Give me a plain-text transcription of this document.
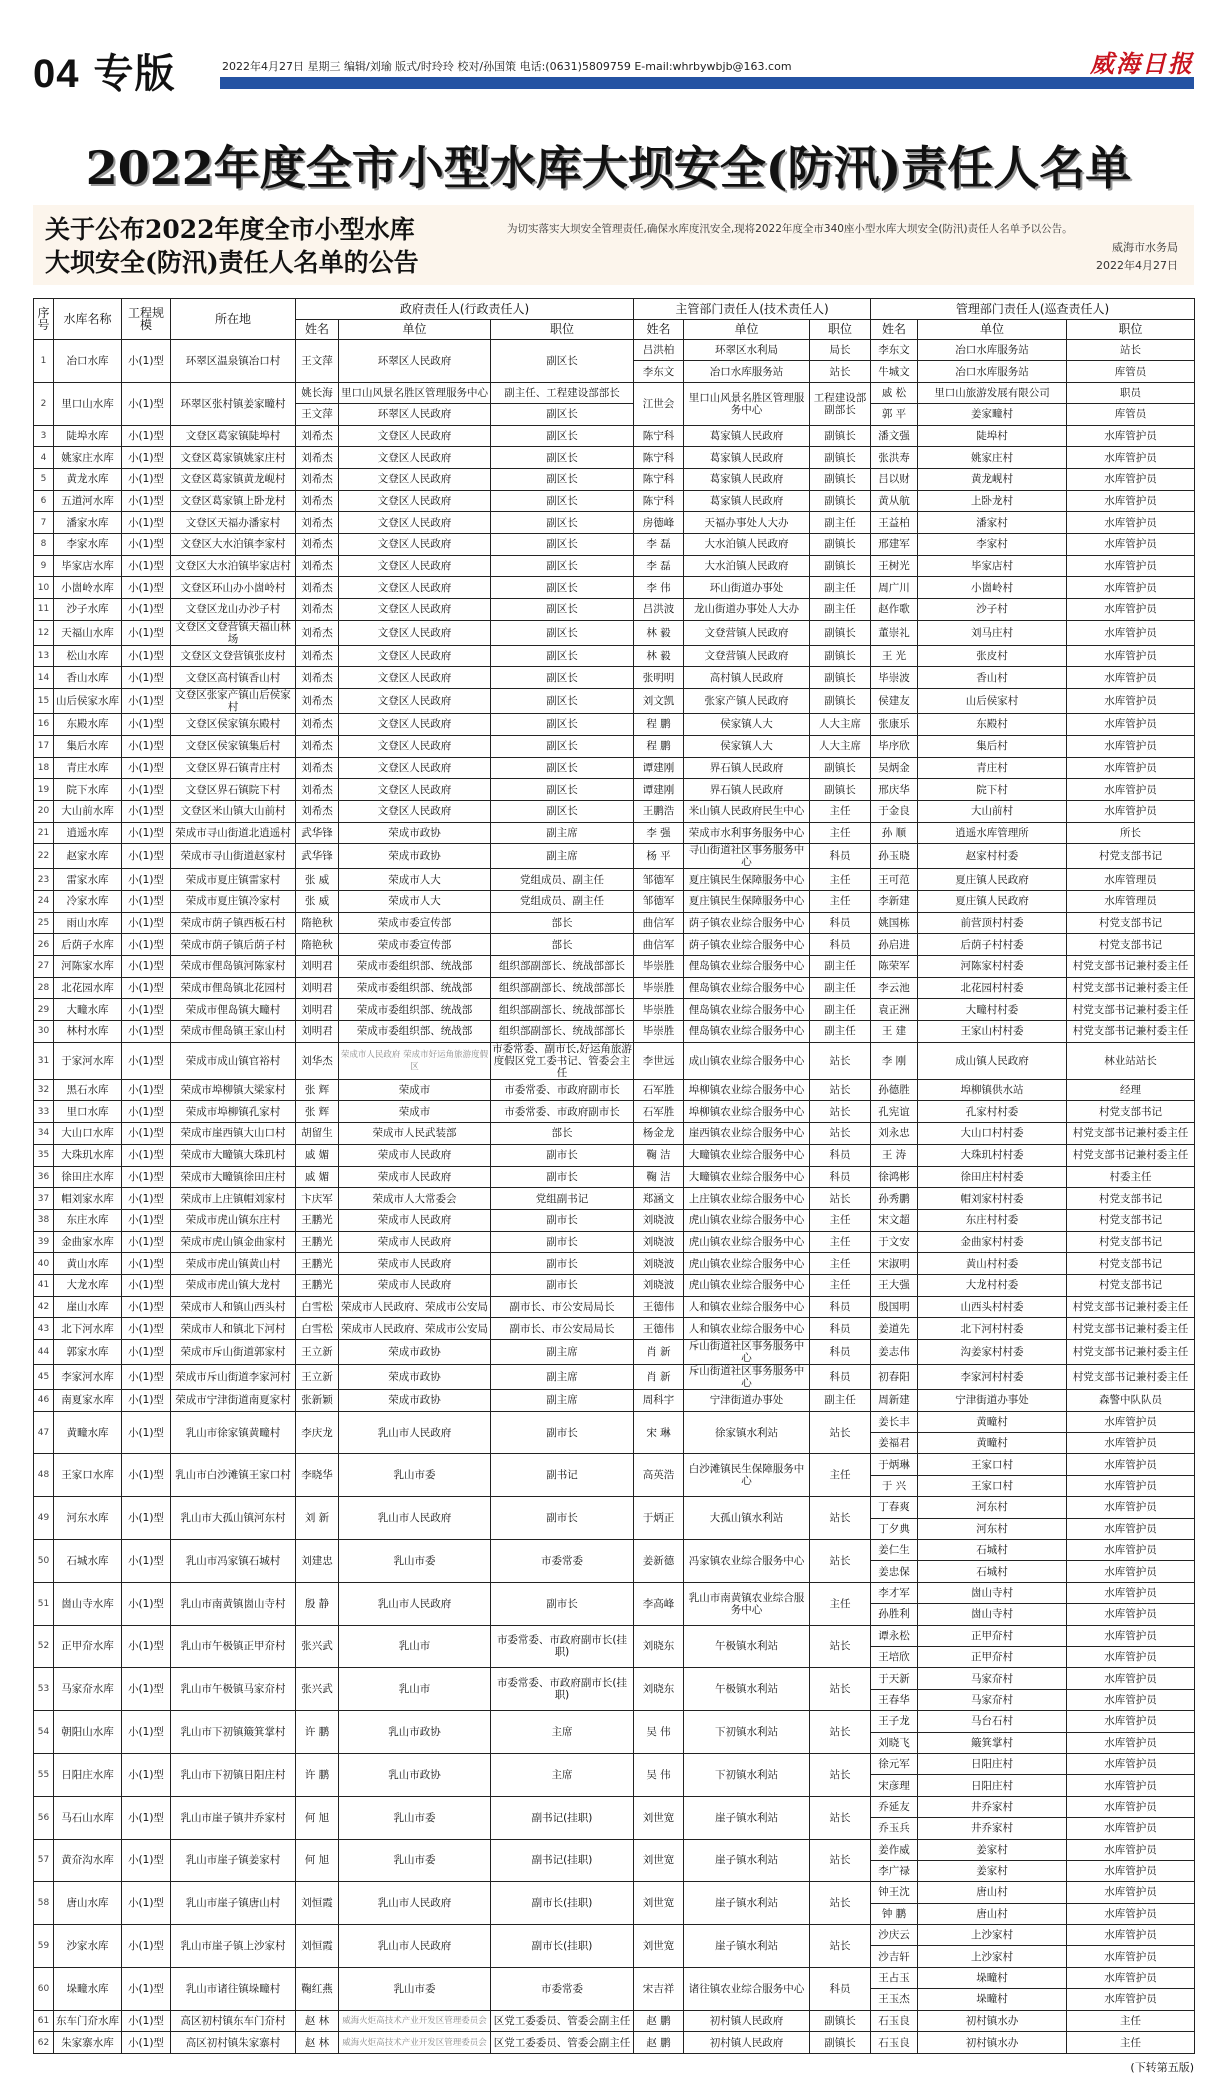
04 专版	2022年4月27日 星期三 编辑/刘瑜 版式/时玲玲 校对/孙国策 电话:(0631)5809759 E-mail:whrbywbjb@163.com	威海日报
2022年度全市小型水库大坝安全(防汛)责任人名单
关于公布2022年度全市小型水库
大坝安全(防汛)责任人名单的公告
为切实落实大坝安全管理责任,确保水库度汛安全,现将2022年度全市340座小型水库大坝安全(防汛)责任人名单予以公告。
威海市水务局
2022年4月27日
序号	水库名称	工程规模	所在地	政府责任人(行政责任人)			主管部门责任人(技术责任人)			管理部门责任人(巡查责任人)		
				姓名	单位	职位	姓名	单位	职位	姓名	单位	职位
1	冶口水库	小(1)型	环翠区温泉镇冶口村	王文萍	环翠区人民政府	副区长	吕洪柏	环翠区水利局	局长	李东文	冶口水库服务站	站长
							李东文	冶口水库服务站	站长	牛城文	冶口水库服务站	库管员
2	里口山水库	小(1)型	环翠区张村镇姜家疃村	姚长海	里口山风景名胜区管理服务中心	副主任、工程建设部部长	江世会	里口山风景名胜区管理服务中心	工程建设部副部长	戚 松	里口山旅游发展有限公司	职员
				王文萍	环翠区人民政府	副区长				郭 平	姜家疃村	库管员
3	陡埠水库	小(1)型	文登区葛家镇陡埠村	刘希杰	文登区人民政府	副区长	陈宁科	葛家镇人民政府	副镇长	潘文强	陡埠村	水库管护员
4	姚家庄水库	小(1)型	文登区葛家镇姚家庄村	刘希杰	文登区人民政府	副区长	陈宁科	葛家镇人民政府	副镇长	张洪寿	姚家庄村	水库管护员
5	黄龙水库	小(1)型	文登区葛家镇黄龙岘村	刘希杰	文登区人民政府	副区长	陈宁科	葛家镇人民政府	副镇长	吕以财	黄龙岘村	水库管护员
6	五道河水库	小(1)型	文登区葛家镇上卧龙村	刘希杰	文登区人民政府	副区长	陈宁科	葛家镇人民政府	副镇长	黄从航	上卧龙村	水库管护员
7	潘家水库	小(1)型	文登区天福办潘家村	刘希杰	文登区人民政府	副区长	房德峰	天福办事处人大办	副主任	王益柏	潘家村	水库管护员
8	李家水库	小(1)型	文登区大水泊镇李家村	刘希杰	文登区人民政府	副区长	李 磊	大水泊镇人民政府	副镇长	邢建军	李家村	水库管护员
9	毕家店水库	小(1)型	文登区大水泊镇毕家店村	刘希杰	文登区人民政府	副区长	李 磊	大水泊镇人民政府	副镇长	王树光	毕家店村	水库管护员
10	小崮岭水库	小(1)型	文登区环山办小崮岭村	刘希杰	文登区人民政府	副区长	李 伟	环山街道办事处	副主任	周广川	小崮岭村	水库管护员
11	沙子水库	小(1)型	文登区龙山办沙子村	刘希杰	文登区人民政府	副区长	吕洪波	龙山街道办事处人大办	副主任	赵作歌	沙子村	水库管护员
12	天福山水库	小(1)型	文登区文登营镇天福山林场	刘希杰	文登区人民政府	副区长	林 毅	文登营镇人民政府	副镇长	董崇礼	刘马庄村	水库管护员
13	松山水库	小(1)型	文登区文登营镇张皮村	刘希杰	文登区人民政府	副区长	林 毅	文登营镇人民政府	副镇长	王 光	张皮村	水库管护员
14	香山水库	小(1)型	文登区高村镇香山村	刘希杰	文登区人民政府	副区长	张明明	高村镇人民政府	副镇长	毕崇波	香山村	水库管护员
15	山后侯家水库	小(1)型	文登区张家产镇山后侯家村	刘希杰	文登区人民政府	副区长	刘文凯	张家产镇人民政府	副镇长	侯建友	山后侯家村	水库管护员
16	东殿水库	小(1)型	文登区侯家镇东殿村	刘希杰	文登区人民政府	副区长	程 鹏	侯家镇人大	人大主席	张康乐	东殿村	水库管护员
17	集后水库	小(1)型	文登区侯家镇集后村	刘希杰	文登区人民政府	副区长	程 鹏	侯家镇人大	人大主席	毕序欣	集后村	水库管护员
18	青庄水库	小(1)型	文登区界石镇青庄村	刘希杰	文登区人民政府	副区长	谭建刚	界石镇人民政府	副镇长	吴炳金	青庄村	水库管护员
19	院下水库	小(1)型	文登区界石镇院下村	刘希杰	文登区人民政府	副区长	谭建刚	界石镇人民政府	副镇长	邢庆华	院下村	水库管护员
20	大山前水库	小(1)型	文登区米山镇大山前村	刘希杰	文登区人民政府	副区长	王鹏浩	米山镇人民政府民生中心	主任	于金良	大山前村	水库管护员
21	逍遥水库	小(1)型	荣成市寻山街道北逍遥村	武华锋	荣成市政协	副主席	李 强	荣成市水利事务服务中心	主任	孙 顺	逍遥水库管理所	所长
22	赵家水库	小(1)型	荣成市寻山街道赵家村	武华锋	荣成市政协	副主席	杨 平	寻山街道社区事务服务中心	科员	孙玉晓	赵家村村委	村党支部书记
23	雷家水库	小(1)型	荣成市夏庄镇雷家村	张 威	荣成市人大	党组成员、副主任	邹德军	夏庄镇民生保障服务中心	主任	王可范	夏庄镇人民政府	水库管理员
24	冷家水库	小(1)型	荣成市夏庄镇冷家村	张 威	荣成市人大	党组成员、副主任	邹德军	夏庄镇民生保障服务中心	主任	李新建	夏庄镇人民政府	水库管理员
25	雨山水库	小(1)型	荣成市荫子镇西板石村	隋艳秋	荣成市委宣传部	部长	曲信军	荫子镇农业综合服务中心	科员	姚国栋	前营顶村村委	村党支部书记
26	后荫子水库	小(1)型	荣成市荫子镇后荫子村	隋艳秋	荣成市委宣传部	部长	曲信军	荫子镇农业综合服务中心	科员	孙启进	后荫子村村委	村党支部书记
27	河陈家水库	小(1)型	荣成市俚岛镇河陈家村	刘明君	荣成市委组织部、统战部	组织部副部长、统战部部长	毕崇胜	俚岛镇农业综合服务中心	副主任	陈荣军	河陈家村村委	村党支部书记兼村委主任
28	北花园水库	小(1)型	荣成市俚岛镇北花园村	刘明君	荣成市委组织部、统战部	组织部副部长、统战部部长	毕崇胜	俚岛镇农业综合服务中心	副主任	李云池	北花园村村委	村党支部书记兼村委主任
29	大疃水库	小(1)型	荣成市俚岛镇大疃村	刘明君	荣成市委组织部、统战部	组织部副部长、统战部部长	毕崇胜	俚岛镇农业综合服务中心	副主任	袁正洲	大疃村村委	村党支部书记兼村委主任
30	林村水库	小(1)型	荣成市俚岛镇王家山村	刘明君	荣成市委组织部、统战部	组织部副部长、统战部部长	毕崇胜	俚岛镇农业综合服务中心	副主任	王 建	王家山村村委	村党支部书记兼村委主任
31	于家河水库	小(1)型	荣成市成山镇官裕村	刘华杰	荣成市人民政府 荣成市好运角旅游度假区	市委常委、副市长,好运角旅游度假区党工委书记、管委会主任	李世远	成山镇农业综合服务中心	站长	李 刚	成山镇人民政府	林业站站长
32	黑石水库	小(1)型	荣成市埠柳镇大梁家村	张 辉	荣成市	市委常委、市政府副市长	石军胜	埠柳镇农业综合服务中心	站长	孙德胜	埠柳镇供水站	经理
33	里口水库	小(1)型	荣成市埠柳镇孔家村	张 辉	荣成市	市委常委、市政府副市长	石军胜	埠柳镇农业综合服务中心	站长	孔宪谊	孔家村村委	村党支部书记
34	大山口水库	小(1)型	荣成市崖西镇大山口村	胡留生	荣成市人民武装部	部长	杨金龙	崖西镇农业综合服务中心	站长	刘永忠	大山口村村委	村党支部书记兼村委主任
35	大珠玑水库	小(1)型	荣成市大疃镇大珠玑村	戚 媚	荣成市人民政府	副市长	鞠 洁	大疃镇农业综合服务中心	科员	王 涛	大珠玑村村委	村党支部书记兼村委主任
36	徐田庄水库	小(1)型	荣成市大疃镇徐田庄村	戚 媚	荣成市人民政府	副市长	鞠 洁	大疃镇农业综合服务中心	科员	徐鸿彬	徐田庄村村委	村委主任
37	帽刘家水库	小(1)型	荣成市上庄镇帽刘家村	卞庆军	荣成市人大常委会	党组副书记	郑涵文	上庄镇农业综合服务中心	站长	孙秀鹏	帽刘家村村委	村党支部书记
38	东庄水库	小(1)型	荣成市虎山镇东庄村	王鹏光	荣成市人民政府	副市长	刘晓波	虎山镇农业综合服务中心	主任	宋文超	东庄村村委	村党支部书记
39	金曲家水库	小(1)型	荣成市虎山镇金曲家村	王鹏光	荣成市人民政府	副市长	刘晓波	虎山镇农业综合服务中心	主任	于文安	金曲家村村委	村党支部书记
40	黄山水库	小(1)型	荣成市虎山镇黄山村	王鹏光	荣成市人民政府	副市长	刘晓波	虎山镇农业综合服务中心	主任	宋淑明	黄山村村委	村党支部书记
41	大龙水库	小(1)型	荣成市虎山镇大龙村	王鹏光	荣成市人民政府	副市长	刘晓波	虎山镇农业综合服务中心	主任	王大强	大龙村村委	村党支部书记
42	崖山水库	小(1)型	荣成市人和镇山西头村	白雪松	荣成市人民政府、荣成市公安局	副市长、市公安局局长	王德伟	人和镇农业综合服务中心	科员	殷国明	山西头村村委	村党支部书记兼村委主任
43	北下河水库	小(1)型	荣成市人和镇北下河村	白雪松	荣成市人民政府、荣成市公安局	副市长、市公安局局长	王德伟	人和镇农业综合服务中心	科员	姜道先	北下河村村委	村党支部书记兼村委主任
44	郭家水库	小(1)型	荣成市斥山街道郭家村	王立新	荣成市政协	副主席	肖 新	斥山街道社区事务服务中心	科员	姜志伟	沟姜家村村委	村党支部书记兼村委主任
45	李家河水库	小(1)型	荣成市斥山街道李家河村	王立新	荣成市政协	副主席	肖 新	斥山街道社区事务服务中心	科员	初春阳	李家河村村委	村党支部书记兼村委主任
46	南夏家水库	小(1)型	荣成市宁津街道南夏家村	张新颖	荣成市政协	副主席	周科宇	宁津街道办事处	副主任	周新建	宁津街道办事处	森警中队队员
47	黄疃水库	小(1)型	乳山市徐家镇黄疃村	李庆龙	乳山市人民政府	副市长	宋 琳	徐家镇水利站	站长	姜长丰	黄疃村	水库管护员
										姜福君	黄疃村	水库管护员
48	王家口水库	小(1)型	乳山市白沙滩镇王家口村	李晓华	乳山市委	副书记	高英浩	白沙滩镇民生保障服务中心	主任	于炳琳	王家口村	水库管护员
										于 兴	王家口村	水库管护员
49	河东水库	小(1)型	乳山市大孤山镇河东村	刘 新	乳山市人民政府	副市长	于炳正	大孤山镇水利站	站长	丁春爽	河东村	水库管护员
										丁夕典	河东村	水库管护员
50	石城水库	小(1)型	乳山市冯家镇石城村	刘建忠	乳山市委	市委常委	姜新德	冯家镇农业综合服务中心	站长	姜仁生	石城村	水库管护员
										姜忠保	石城村	水库管护员
51	崮山寺水库	小(1)型	乳山市南黄镇崮山寺村	殷 静	乳山市人民政府	副市长	李高峰	乳山市南黄镇农业综合服务中心	主任	李才军	崮山寺村	水库管护员
										孙胜利	崮山寺村	水库管护员
52	正甲夼水库	小(1)型	乳山市午极镇正甲夼村	张兴武	乳山市	市委常委、市政府副市长(挂职)	刘晓东	午极镇水利站	站长	谭永松	正甲夼村	水库管护员
										王培欣	正甲夼村	水库管护员
53	马家夼水库	小(1)型	乳山市午极镇马家夼村	张兴武	乳山市	市委常委、市政府副市长(挂职)	刘晓东	午极镇水利站	站长	于天新	马家夼村	水库管护员
										王春华	马家夼村	水库管护员
54	朝阳山水库	小(1)型	乳山市下初镇簸箕掌村	许 鹏	乳山市政协	主席	吴 伟	下初镇水利站	站长	王子龙	马台石村	水库管护员
										刘晓飞	簸箕掌村	水库管护员
55	日阳庄水库	小(1)型	乳山市下初镇日阳庄村	许 鹏	乳山市政协	主席	吴 伟	下初镇水利站	站长	徐元军	日阳庄村	水库管护员
										宋彦理	日阳庄村	水库管护员
56	马石山水库	小(1)型	乳山市崖子镇井乔家村	何 旭	乳山市委	副书记(挂职)	刘世宽	崖子镇水利站	站长	乔延友	井乔家村	水库管护员
										乔玉兵	井乔家村	水库管护员
57	黄夼沟水库	小(1)型	乳山市崖子镇姜家村	何 旭	乳山市委	副书记(挂职)	刘世宽	崖子镇水利站	站长	姜作威	姜家村	水库管护员
										李广禄	姜家村	水库管护员
58	唐山水库	小(1)型	乳山市崖子镇唐山村	刘恒霞	乳山市人民政府	副市长(挂职)	刘世宽	崖子镇水利站	站长	钟王沈	唐山村	水库管护员
										钟 鹏	唐山村	水库管护员
59	沙家水库	小(1)型	乳山市崖子镇上沙家村	刘恒霞	乳山市人民政府	副市长(挂职)	刘世宽	崖子镇水利站	站长	沙庆云	上沙家村	水库管护员
										沙吉轩	上沙家村	水库管护员
60	垛疃水库	小(1)型	乳山市诸往镇垛疃村	鞠红燕	乳山市委	市委常委	宋吉祥	诸往镇农业综合服务中心	科员	王占玉	垛疃村	水库管护员
										王玉杰	垛疃村	水库管护员
61	东车门夼水库	小(1)型	高区初村镇东车门夼村	赵 林	威海火炬高技术产业开发区管理委员会	区党工委委员、管委会副主任	赵 鹏	初村镇人民政府	副镇长	石玉良	初村镇水办	主任
62	朱家寨水库	小(1)型	高区初村镇朱家寨村	赵 林	威海火炬高技术产业开发区管理委员会	区党工委委员、管委会副主任	赵 鹏	初村镇人民政府	副镇长	石玉良	初村镇水办	主任
(下转第五版)
